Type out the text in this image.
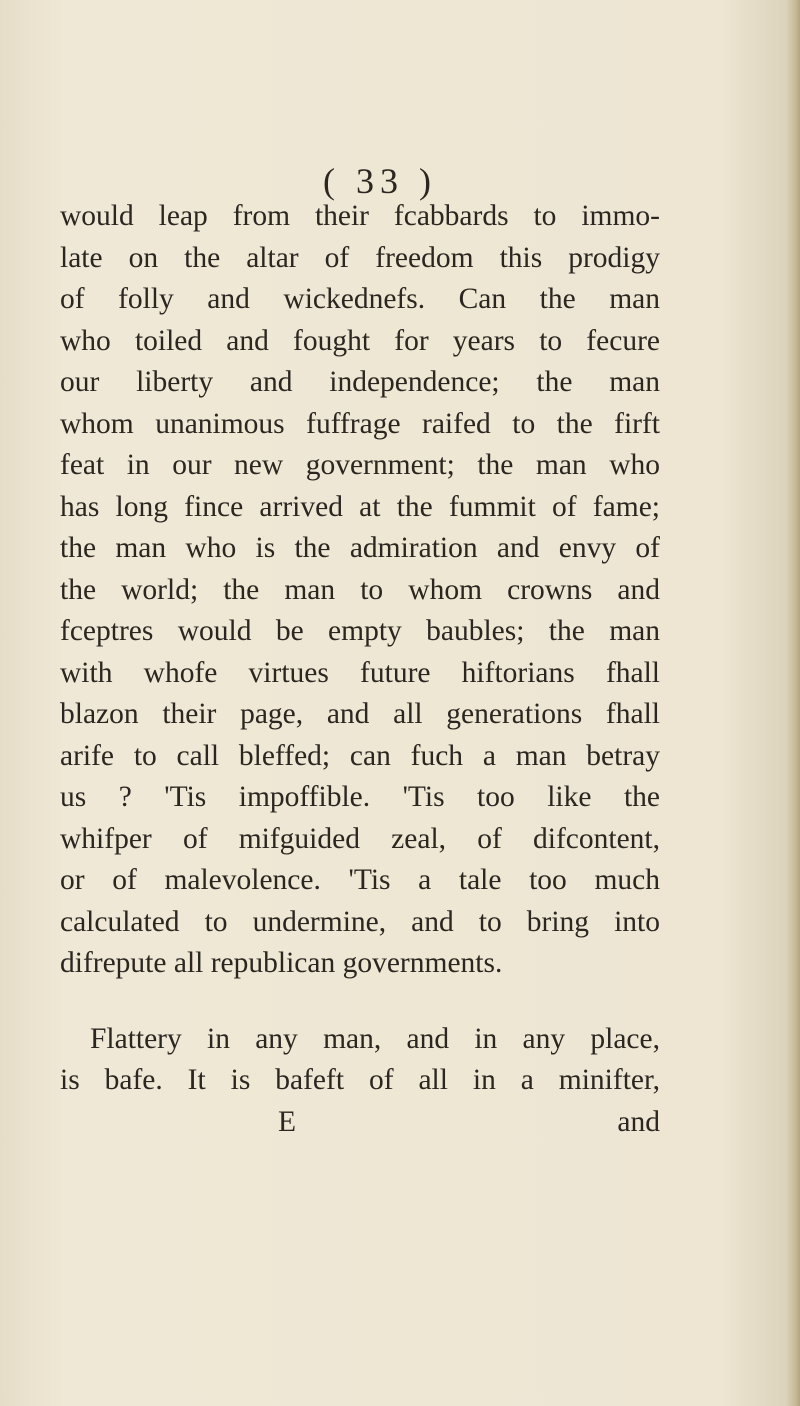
( 33 )
would leap from their fcabbards to immo-
late on the altar of freedom this prodigy
of folly and wickednefs. Can the man
who toiled and fought for years to fecure
our liberty and independence; the man
whom unanimous fuffrage raifed to the firft
feat in our new government; the man who
has long fince arrived at the fummit of fame;
the man who is the admiration and envy of
the world; the man to whom crowns and
fceptres would be empty baubles; the man
with whofe virtues future hiftorians fhall
blazon their page, and all generations fhall
arife to call bleffed; can fuch a man betray
us ? 'Tis impoffible. 'Tis too like the
whifper of mifguided zeal, of difcontent,
or of malevolence. 'Tis a tale too much
calculated to undermine, and to bring into
difrepute all republican governments.
Flattery in any man, and in any place,
is bafe. It is bafeft of all in a minifter,
E	and
